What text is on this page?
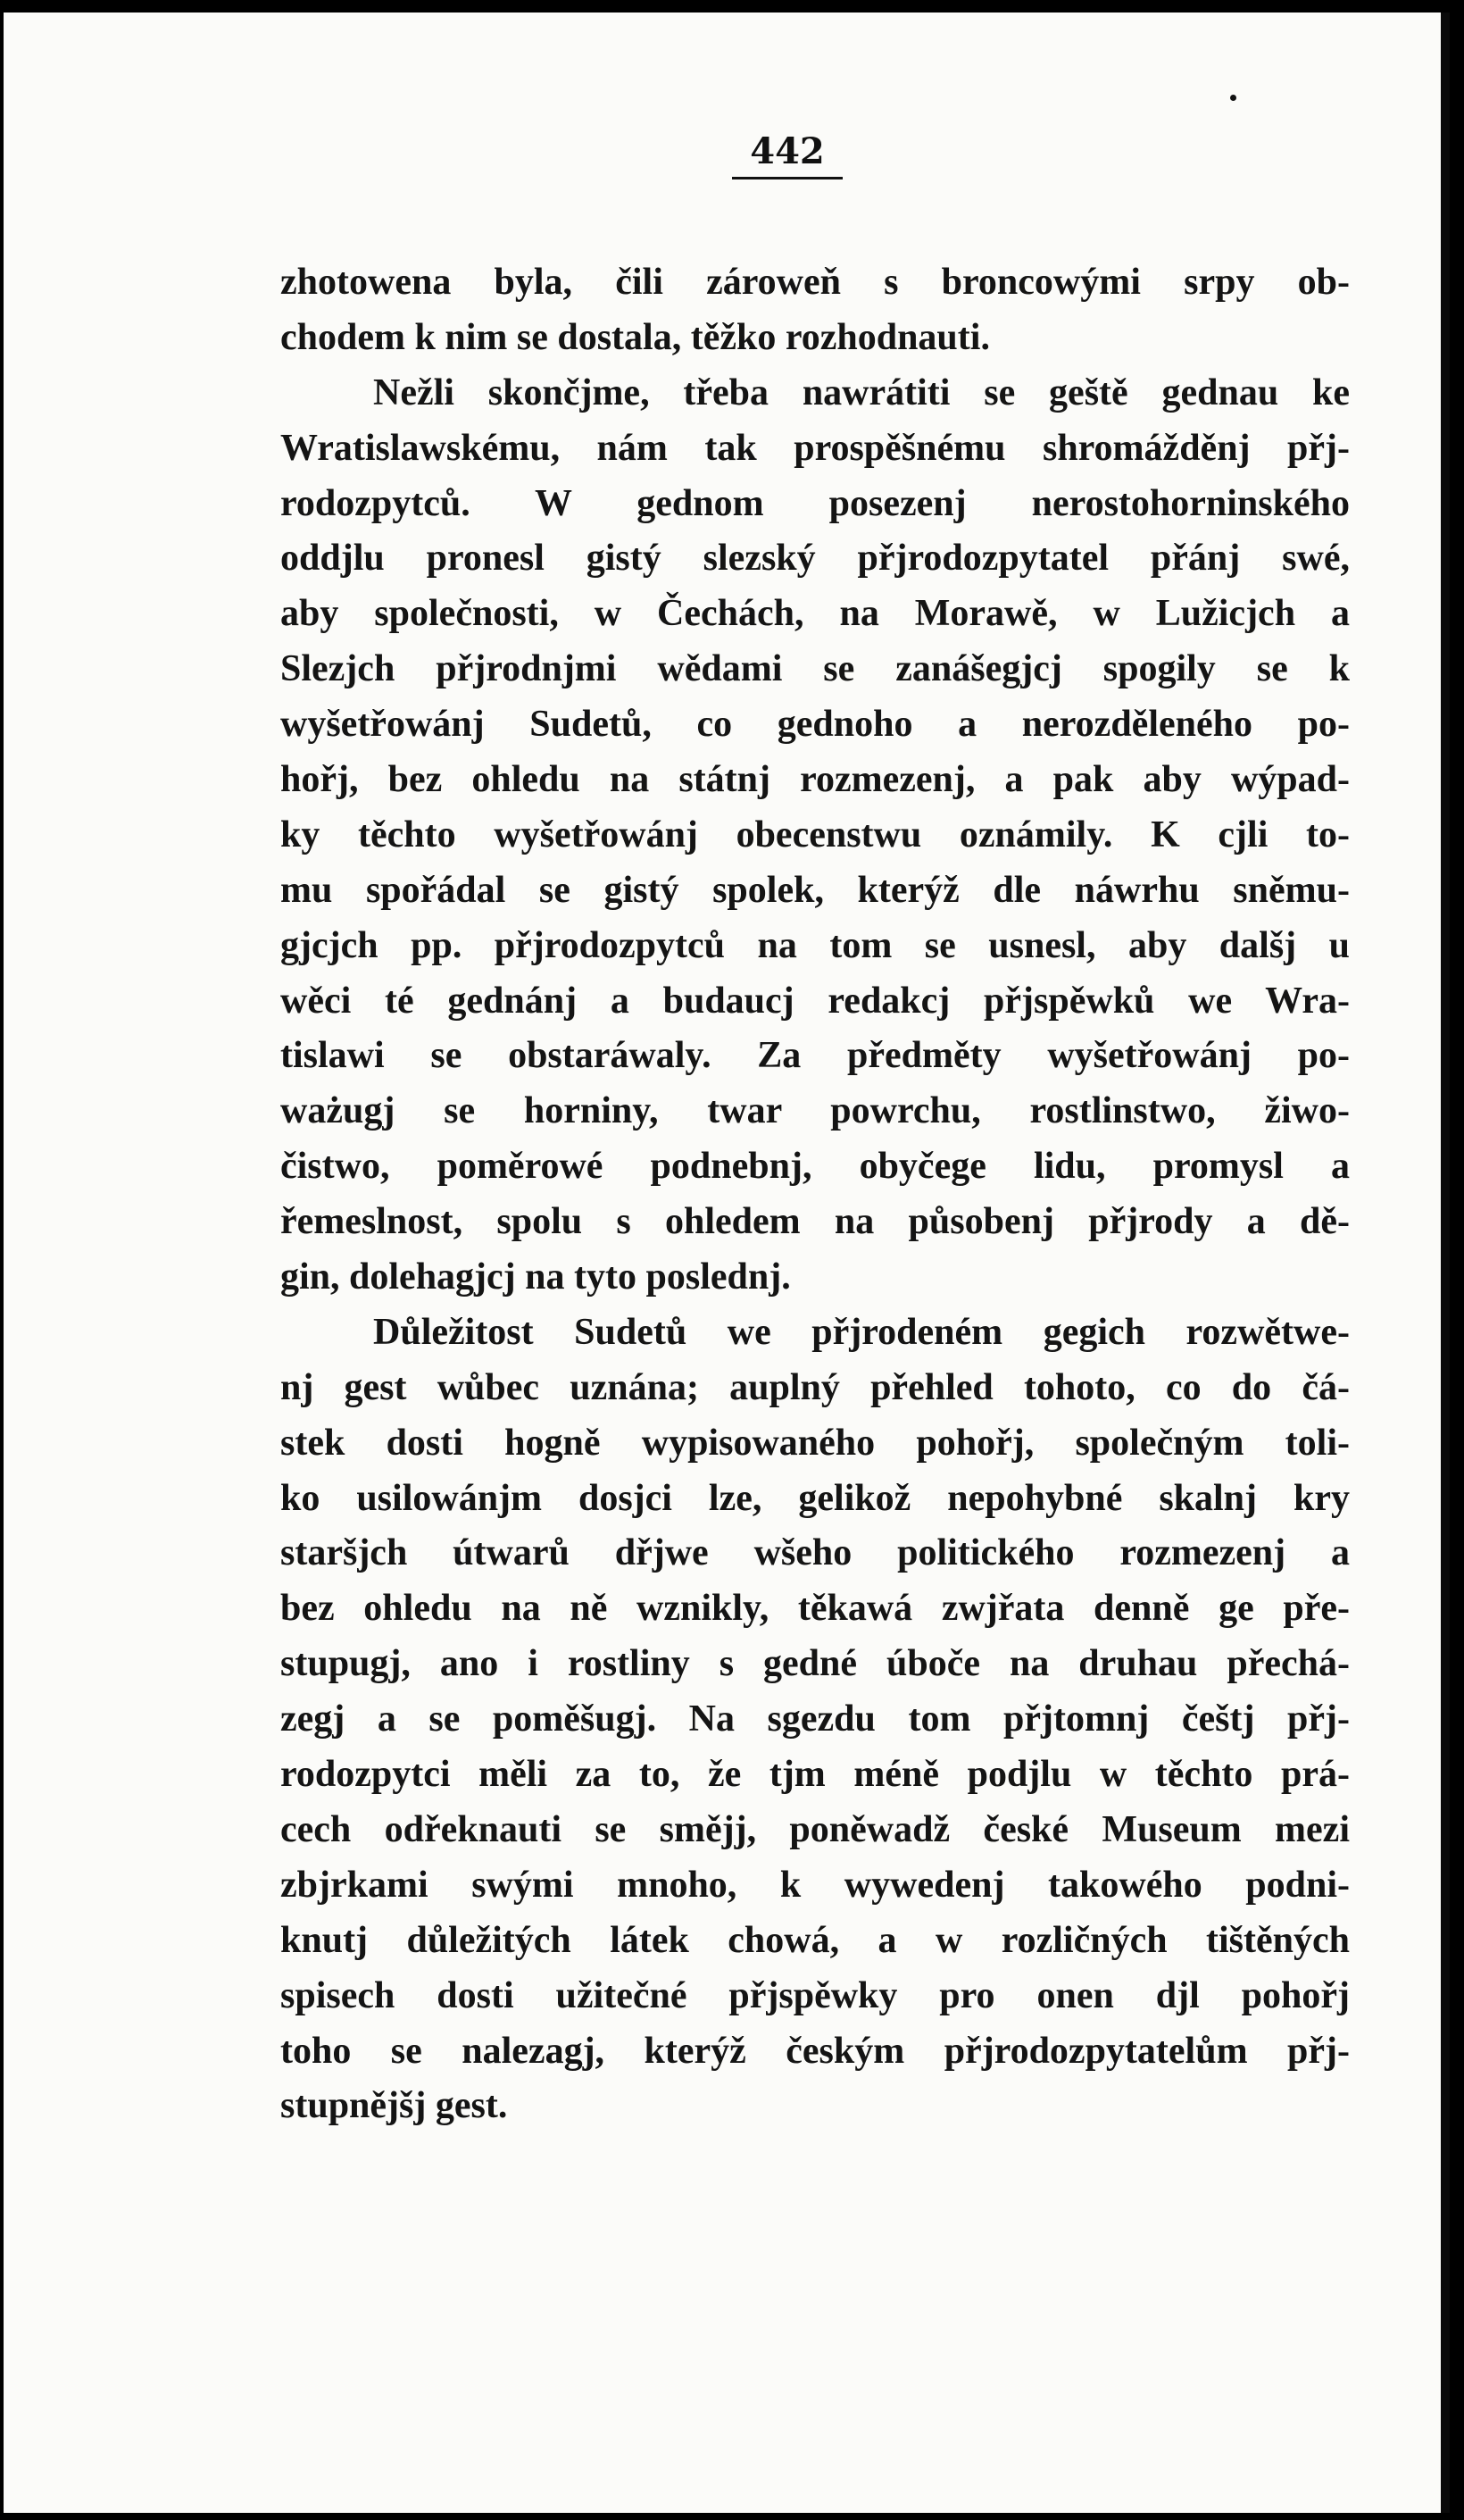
442
zhotowena byla, čili zároweň s broncowými srpy ob-
chodem k nim se dostala, těžko rozhodnauti.
Nežli skončjme, třeba nawrátiti se geště gednau ke
Wratislawskému, nám tak prospěšnému shromážděnj přj-
rodozpytců. W gednom posezenj nerostohorninského
oddjlu pronesl gistý slezský přjrodozpytatel přánj swé,
aby společnosti, w Čechách, na Morawě, w Lužicjch a
Slezjch přjrodnjmi wědami se zanášegjcj spogily se k
wyšetřowánj Sudetů, co gednoho a nerozděleného po-
hořj, bez ohledu na státnj rozmezenj, a pak aby wýpad-
ky těchto wyšetřowánj obecenstwu oznámily. K cjli to-
mu spořádal se gistý spolek, kterýž dle náwrhu sněmu-
gjcjch pp. přjrodozpytců na tom se usnesl, aby dalšj u
wěci té gednánj a budaucj redakcj přjspěwků we Wra-
tislawi se obstaráwaly. Za předměty wyšetřowánj po-
ważugj se horniny, twar powrchu, rostlinstwo, žiwo-
čistwo, poměrowé podnebnj, obyčege lidu, promysl a
řemeslnost, spolu s ohledem na působenj přjrody a dě-
gin, dolehagjcj na tyto poslednj.
Důležitost Sudetů we přjrodeném gegich rozwětwe-
nj gest wůbec uznána; auplný přehled tohoto, co do čá-
stek dosti hogně wypisowaného pohořj, společným toli-
ko usilowánjm dosjci lze, gelikož nepohybné skalnj kry
staršjch útwarů dřjwe wšeho politického rozmezenj a
bez ohledu na ně wznikly, těkawá zwjřata denně ge pře-
stupugj, ano i rostliny s gedné úboče na druhau přechá-
zegj a se poměšugj. Na sgezdu tom přjtomnj češtj přj-
rodozpytci měli za to, že tjm méně podjlu w těchto prá-
cech odřeknauti se smějj, poněwadž české Museum mezi
zbjrkami swými mnoho, k wywedenj takowého podni-
knutj důležitých látek chowá, a w rozličných tištěných
spisech dosti užitečné přjspěwky pro onen djl pohořj
toho se nalezagj, kterýž českým přjrodozpytatelům přj-
stupnějšj gest.
